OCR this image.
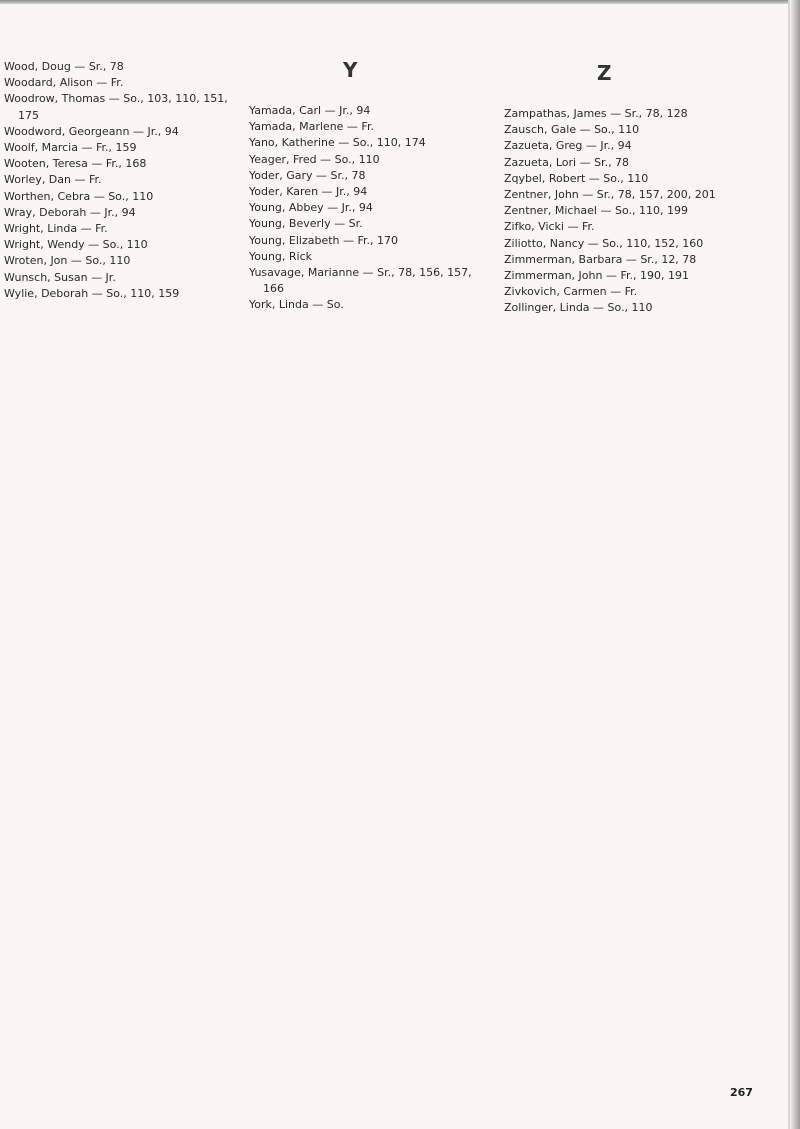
Y	Z
Wood, Doug — Sr., 78
Woodard, Alison — Fr.
Woodrow, Thomas — So., 103, 110, 151,
175
Woodword, Georgeann — Jr., 94
Woolf, Marcia — Fr., 159
Wooten, Teresa — Fr., 168
Worley, Dan — Fr.
Worthen, Cebra — So., 110
Wray, Deborah — Jr., 94
Wright, Linda — Fr.
Wright, Wendy — So., 110
Wroten, Jon — So., 110
Wunsch, Susan — Jr.
Wylie, Deborah — So., 110, 159
Yamada, Carl — Jr., 94
Yamada, Marlene — Fr.
Yano, Katherine — So., 110, 174
Yeager, Fred — So., 110
Yoder, Gary — Sr., 78
Yoder, Karen — Jr., 94
Young, Abbey — Jr., 94
Young, Beverly — Sr.
Young, Elizabeth — Fr., 170
Young, Rick
Yusavage, Marianne — Sr., 78, 156, 157,
166
York, Linda — So.
Zampathas, James — Sr., 78, 128
Zausch, Gale — So., 110
Zazueta, Greg — Jr., 94
Zazueta, Lori — Sr., 78
Zqybel, Robert — So., 110
Zentner, John — Sr., 78, 157, 200, 201
Zentner, Michael — So., 110, 199
Zifko, Vicki — Fr.
Ziliotto, Nancy — So., 110, 152, 160
Zimmerman, Barbara — Sr., 12, 78
Zimmerman, John — Fr., 190, 191
Zivkovich, Carmen — Fr.
Zollinger, Linda — So., 110
267
